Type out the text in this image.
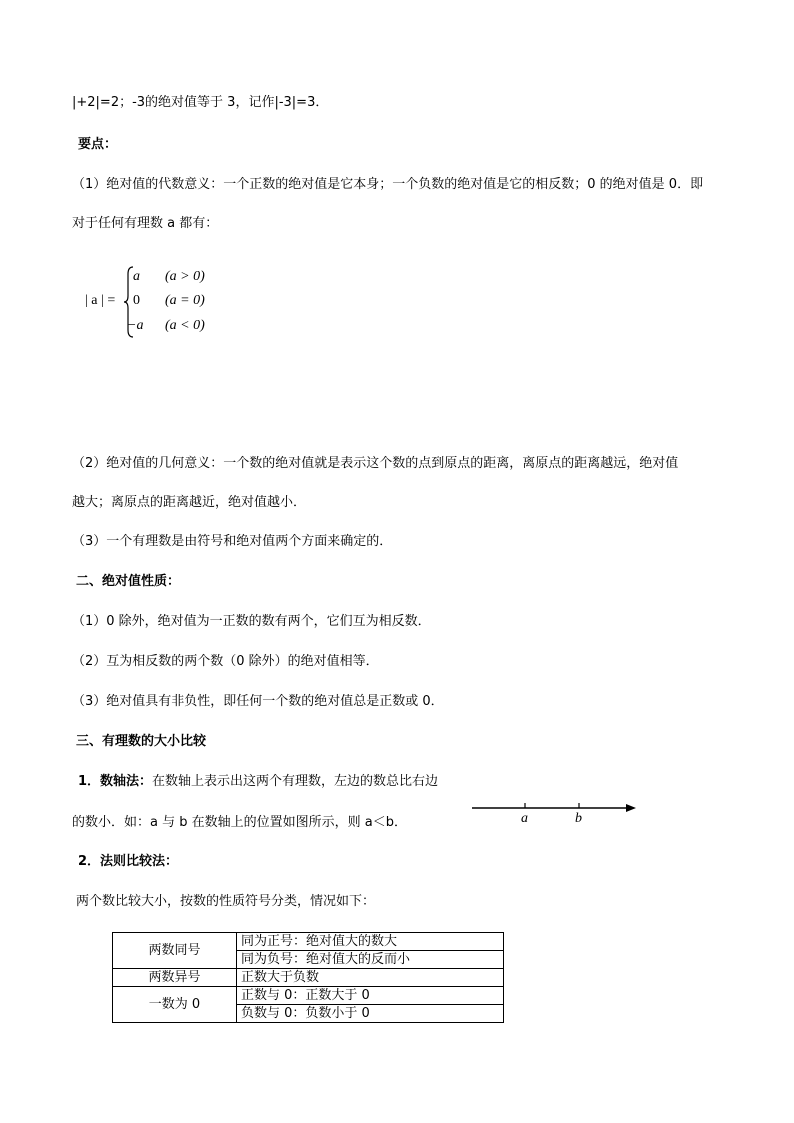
|+2|=2；-3的绝对值等于 3，记作|-3|=3．
要点：
（1）绝对值的代数意义：一个正数的绝对值是它本身；一个负数的绝对值是它的相反数；0 的绝对值是 0．即
对于任何有理数 a 都有：
| a | =
a (a > 0)
0 (a = 0)
−a (a < 0)
（2）绝对值的几何意义：一个数的绝对值就是表示这个数的点到原点的距离，离原点的距离越远，绝对值
越大；离原点的距离越近，绝对值越小．
（3）一个有理数是由符号和绝对值两个方面来确定的．
二、绝对值性质：
（1）0 除外，绝对值为一正数的数有两个，它们互为相反数．
（2）互为相反数的两个数（0 除外）的绝对值相等．
（3）绝对值具有非负性，即任何一个数的绝对值总是正数或 0．
三、有理数的大小比较
1．数轴法：在数轴上表示出这两个有理数，左边的数总比右边
的数小．如：a 与 b 在数轴上的位置如图所示，则 a＜b．	a	b
2．法则比较法：
两个数比较大小，按数的性质符号分类，情况如下：
两数同号	同为正号：绝对值大的数大
	同为负号：绝对值大的反而小
两数异号	正数大于负数
一数为 0	正数与 0：正数大于 0
	负数与 0：负数小于 0
